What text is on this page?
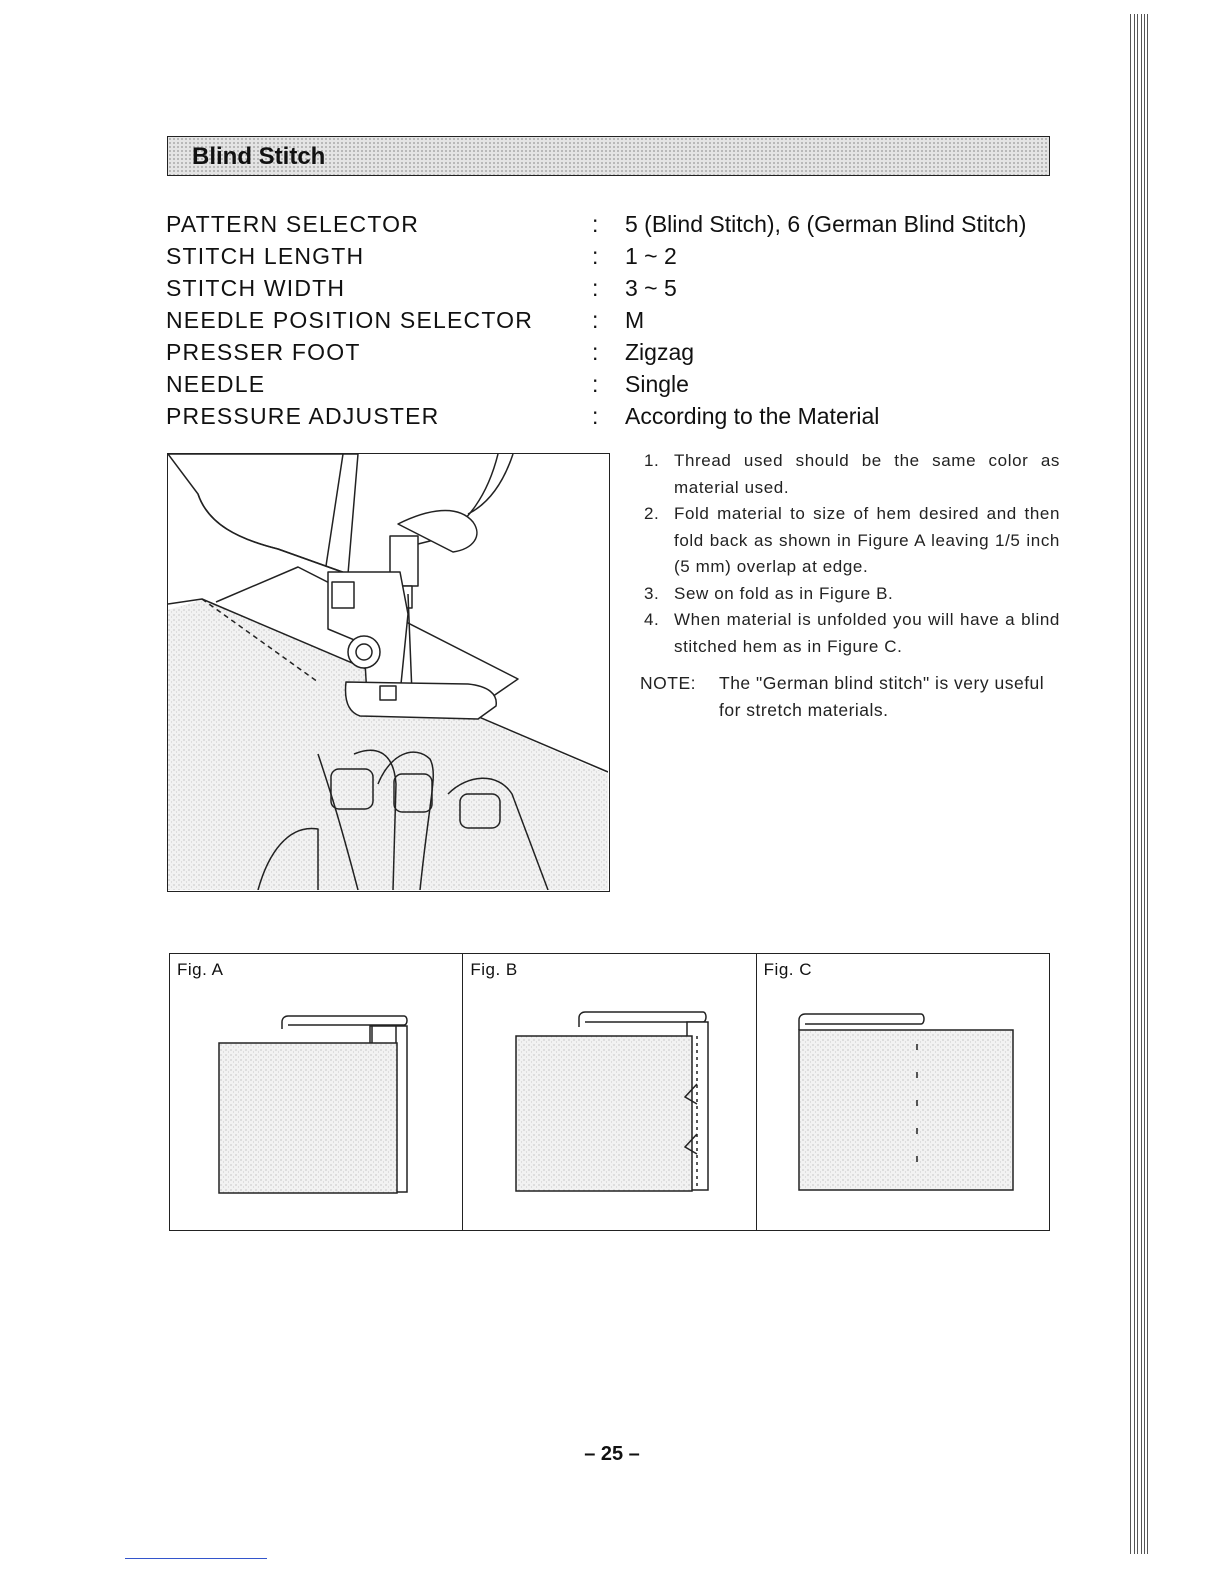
Blind Stitch
PATTERN SELECTOR	: 5 (Blind Stitch), 6 (German Blind Stitch)
STITCH LENGTH	: 1 ~ 2
STITCH WIDTH	: 3 ~ 5
NEEDLE POSITION SELECTOR	: M
PRESSER FOOT	: Zigzag
NEEDLE	: Single
PRESSURE ADJUSTER	: According to the Material
1. Thread used should be the same color as material used.
2. Fold material to size of hem desired and then fold back as shown in Figure A leaving 1/5 inch (5 mm) overlap at edge.
3. Sew on fold as in Figure B.
4. When material is unfolded you will have a blind stitched hem as in Figure C.
NOTE:	The "German blind stitch" is very useful for stretch materials.
Fig. A	Fig. B	Fig. C
– 25 –
